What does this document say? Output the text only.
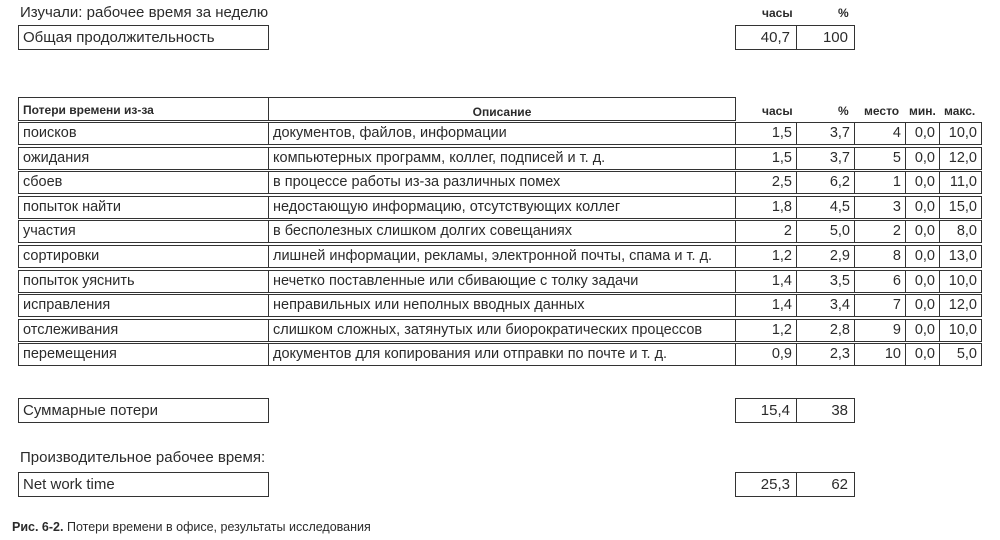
Изучали: рабочее время за неделю	часы	%
Общая продолжительность	40,7	100
Потери времени из-за	$_{Описание}$	часы	% место мин. макс.
поисков	документов, файлов, информации	1,5	3,7	4 0,0 10,0
ожидания	компьютерных программ, коллег, подписей и т. д.	1,5	3,7	5 0,0 12,0
сбоев	в процессе работы из-за различных помех	2,5	6,2	1 0,0	11,0
попыток найти	недостающую информацию, отсутствующих коллег	1,8	4,5	3 0,0 15,0
участия	в бесполезных слишком долгих совещаниях	2	5,0	2 0,0	8,0
сортировки	лишней информации, рекламы, электронной почты, спама и т. д.	1,2	2,9	8 0,0 13,0
попыток уяснить	нечетко поставленные или сбивающие с толку задачи	1,4	3,5	6 0,0 10,0
исправления	неправильных или неполных вводных данных	1,4	3,4	7 0,0 12,0
отслеживания	слишком сложных, затянутых или биорократических процессов	1,2	2,8	9 0,0 10,0
перемещения	документов для копирования или отправки по почте и т. д.	0,9	2,3	10 0,0	5,0
Суммарные потери	15,4	38
Производительное рабочее время:
Net work time	25,3	62
Рис. 6-2. Потери времени в офисе, результаты исследования
